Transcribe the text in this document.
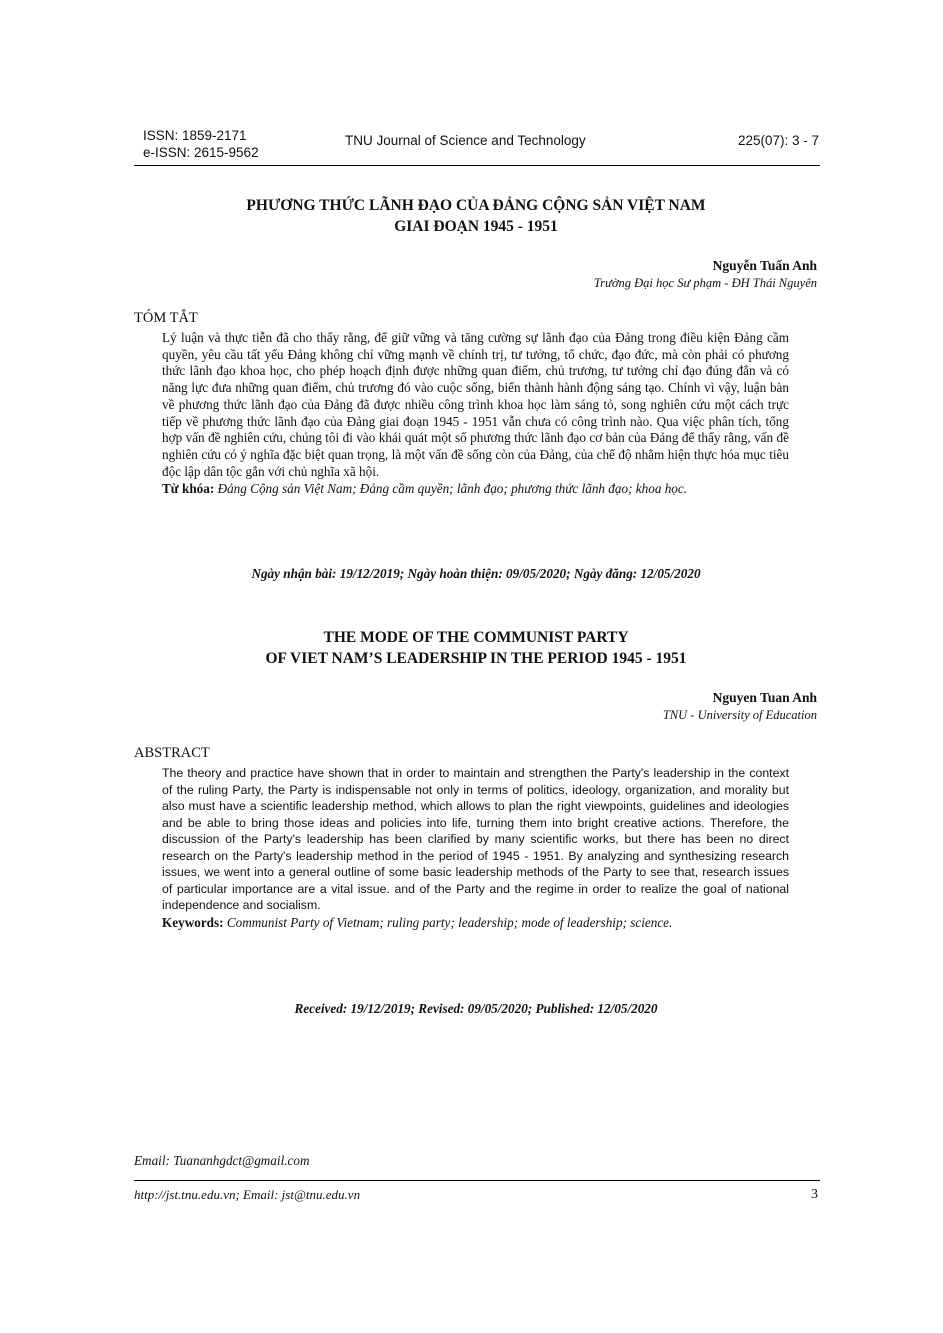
ISSN: 1859-2171
e-ISSN: 2615-9562
TNU Journal of Science and Technology	225(07): 3 - 7
PHƯƠNG THỨC LÃNH ĐẠO CỦA ĐẢNG CỘNG SẢN VIỆT NAM
GIAI ĐOẠN 1945 - 1951
Nguyễn Tuấn Anh
Trường Đại học Sư phạm - ĐH Thái Nguyên
TÓM TẮT
Lý luận và thực tiễn đã cho thấy rằng, để giữ vững và tăng cường sự lãnh đạo của Đảng trong điều kiện Đảng cầm quyền, yêu cầu tất yếu Đảng không chỉ vững mạnh về chính trị, tư tưởng, tổ chức, đạo đức, mà còn phải có phương thức lãnh đạo khoa học, cho phép hoạch định được những quan điểm, chủ trương, tư tưởng chỉ đạo đúng đắn và có năng lực đưa những quan điểm, chủ trương đó vào cuộc sống, biến thành hành động sáng tạo. Chính vì vậy, luận bàn về phương thức lãnh đạo của Đảng đã được nhiều công trình khoa học làm sáng tỏ, song nghiên cứu một cách trực tiếp về phương thức lãnh đạo của Đảng giai đoạn 1945 - 1951 vẫn chưa có công trình nào. Qua việc phân tích, tổng hợp vấn đề nghiên cứu, chúng tôi đi vào khái quát một số phương thức lãnh đạo cơ bản của Đảng để thấy rằng, vấn đề nghiên cứu có ý nghĩa đặc biệt quan trọng, là một vấn đề sống còn của Đảng, của chế độ nhằm hiện thực hóa mục tiêu độc lập dân tộc gắn với chủ nghĩa xã hội.
Từ khóa: Đảng Cộng sản Việt Nam; Đảng cầm quyền; lãnh đạo; phương thức lãnh đạo; khoa học.
Ngày nhận bài: 19/12/2019; Ngày hoàn thiện: 09/05/2020; Ngày đăng: 12/05/2020
THE MODE OF THE COMMUNIST PARTY
OF VIET NAM’S LEADERSHIP IN THE PERIOD 1945 - 1951
Nguyen Tuan Anh
TNU - University of Education
ABSTRACT
The theory and practice have shown that in order to maintain and strengthen the Party's leadership in the context of the ruling Party, the Party is indispensable not only in terms of politics, ideology, organization, and morality but also must have a scientific leadership method, which allows to plan the right viewpoints, guidelines and ideologies and be able to bring those ideas and policies into life, turning them into bright creative actions. Therefore, the discussion of the Party's leadership has been clarified by many scientific works, but there has been no direct research on the Party's leadership method in the period of 1945 - 1951. By analyzing and synthesizing research issues, we went into a general outline of some basic leadership methods of the Party to see that, research issues of particular importance are a vital issue. and of the Party and the regime in order to realize the goal of national independence and socialism.
Keywords: Communist Party of Vietnam; ruling party; leadership; mode of leadership; science.
Received: 19/12/2019; Revised: 09/05/2020; Published: 12/05/2020
Email: Tuananhgdct@gmail.com
http://jst.tnu.edu.vn; Email: jst@tnu.edu.vn	3
